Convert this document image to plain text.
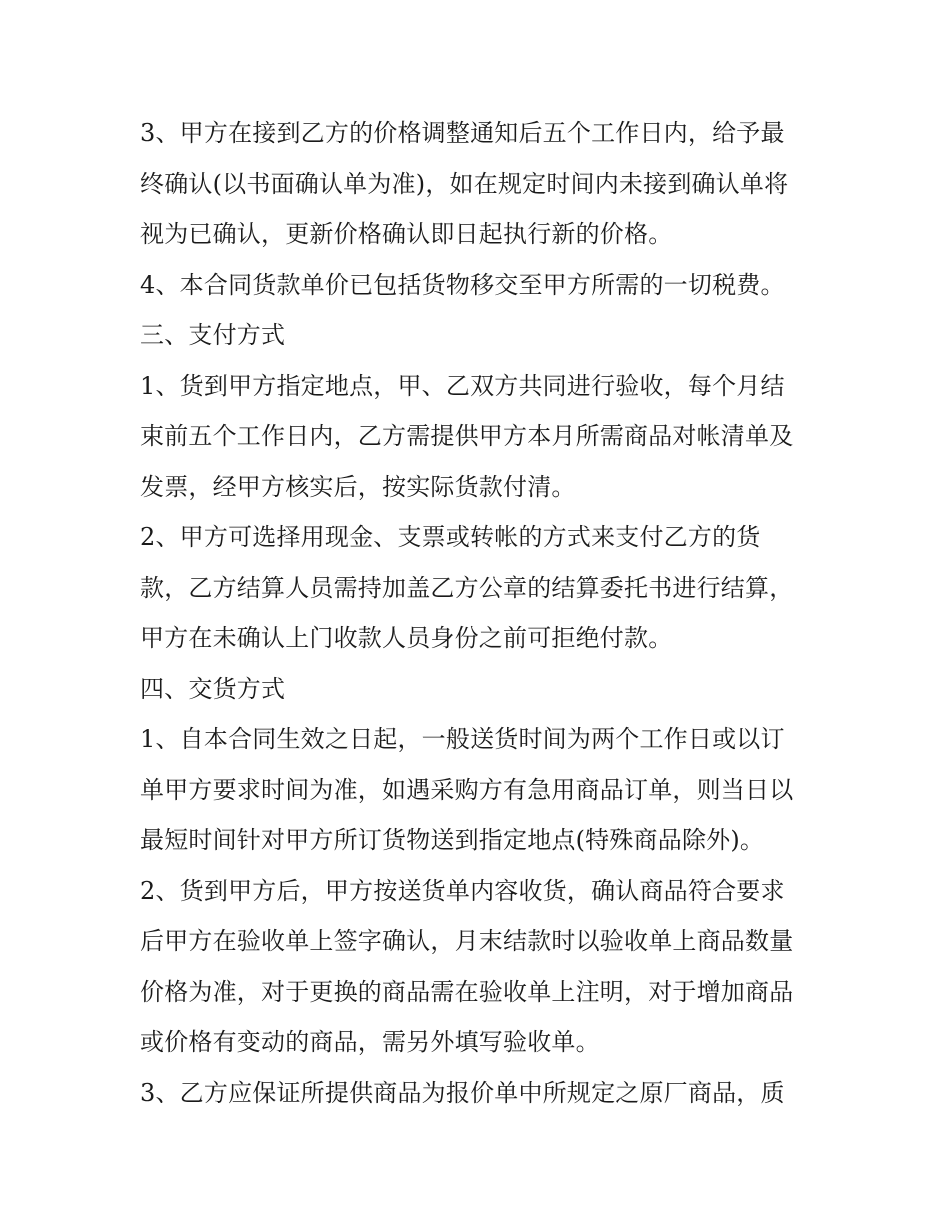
3、甲方在接到乙方的价格调整通知后五个工作日内，给予最
终确认(以书面确认单为准)，如在规定时间内未接到确认单将
视为已确认，更新价格确认即日起执行新的价格。
4、本合同货款单价已包括货物移交至甲方所需的一切税费。
三、支付方式
1、货到甲方指定地点，甲、乙双方共同进行验收，每个月结
束前五个工作日内，乙方需提供甲方本月所需商品对帐清单及
发票，经甲方核实后，按实际货款付清。
2、甲方可选择用现金、支票或转帐的方式来支付乙方的货
款，乙方结算人员需持加盖乙方公章的结算委托书进行结算，
甲方在未确认上门收款人员身份之前可拒绝付款。
四、交货方式
1、自本合同生效之日起，一般送货时间为两个工作日或以订
单甲方要求时间为准，如遇采购方有急用商品订单，则当日以
最短时间针对甲方所订货物送到指定地点(特殊商品除外)。
2、货到甲方后，甲方按送货单内容收货，确认商品符合要求
后甲方在验收单上签字确认，月末结款时以验收单上商品数量
价格为准，对于更换的商品需在验收单上注明，对于增加商品
或价格有变动的商品，需另外填写验收单。
3、乙方应保证所提供商品为报价单中所规定之原厂商品，质
